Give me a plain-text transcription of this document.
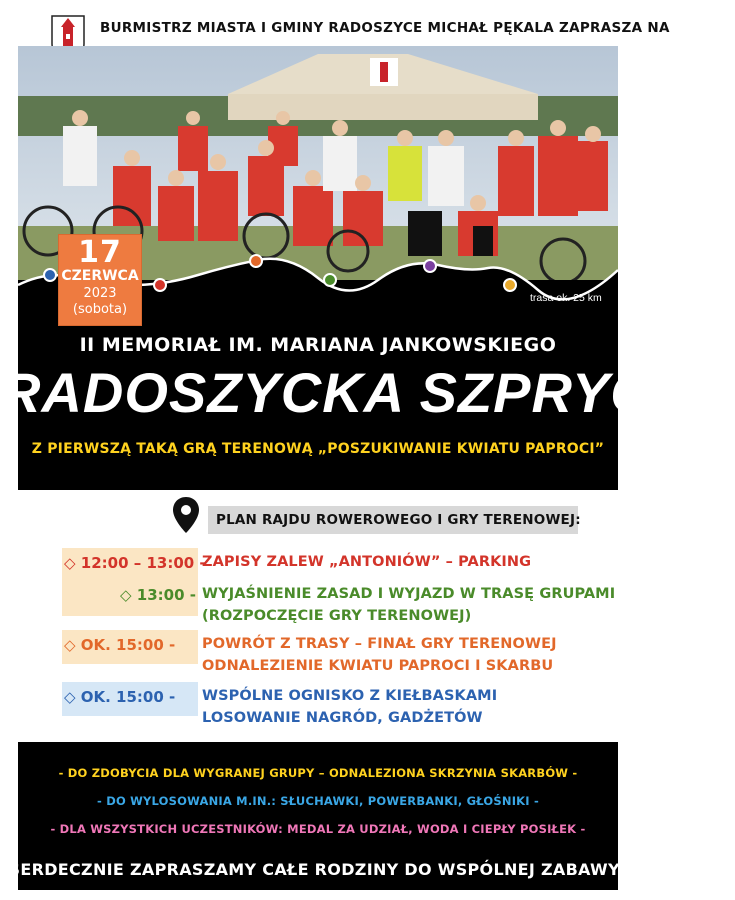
BURMISTRZ MIASTA I GMINY RADOSZYCE MICHAŁ PĘKALA ZAPRASZA NA
17
CZERWCA
2023
(sobota)
trasa ok. 25 km
II MEMORIAŁ IM. MARIANA JANKOWSKIEGO
RADOSZYCKA SZPRYCHA
Z PIERWSZĄ TAKĄ GRĄ TERENOWĄ „POSZUKIWANIE KWIATU PAPROCI”
PLAN RAJDU ROWEROWEGO I GRY TERENOWEJ:
◇ 12:00 – 13:00 -
ZAPISY ZALEW „ANTONIÓW” – PARKING
◇ 13:00 - WYJAŚNIENIE ZASAD I WYJAZD W TRASĘ GRUPAMI
(ROZPOCZĘCIE GRY TERENOWEJ)
◇ OK. 15:00 - POWRÓT Z TRASY – FINAŁ GRY TERENOWEJ
ODNALEZIENIE KWIATU PAPROCI I SKARBU
◇ OK. 15:00 - WSPÓLNE OGNISKO Z KIEŁBASKAMI
LOSOWANIE NAGRÓD, GADŻETÓW
- DO ZDOBYCIA DLA WYGRANEJ GRUPY – ODNALEZIONA SKRZYNIA SKARBÓW -
- DO WYLOSOWANIA M.IN.: SŁUCHAWKI, POWERBANKI, GŁOŚNIKI -
- DLA WSZYSTKICH UCZESTNIKÓW: MEDAL ZA UDZIAŁ, WODA I CIEPŁY POSIŁEK -
SERDECZNIE ZAPRASZAMY CAŁE RODZINY DO WSPÓLNEJ ZABAWY!
